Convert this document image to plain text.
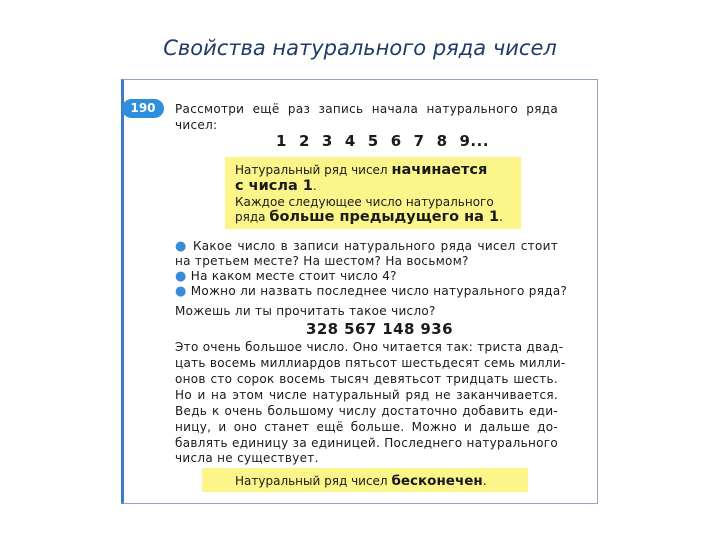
Свойства натурального ряда чисел
190	Рассмотри ещё раз запись начала натурального ряда
чисел:
1 2 3 4 5 6 7 8 9...
Натуральный ряд чисел начинается
с числа 1.
Каждое следующее число натурального
ряда больше предыдущего на 1.
● Какое число в записи натурального ряда чисел стоит
на третьем месте? На шестом? На восьмом?
● На каком месте стоит число 4?
● Можно ли назвать последнее число натурального ряда?
Можешь ли ты прочитать такое число?
328 567 148 936
Это очень большое число. Оно читается так: триста двад-
цать восемь миллиардов пятьсот шестьдесят семь милли-
онов сто сорок восемь тысяч девятьсот тридцать шесть.
Но и на этом числе натуральный ряд не заканчивается.
Ведь к очень большому числу достаточно добавить еди-
ницу, и оно станет ещё больше. Можно и дальше до-
бавлять единицу за единицей. Последнего натурального
числа не существует.
Натуральный ряд чисел бесконечен.
